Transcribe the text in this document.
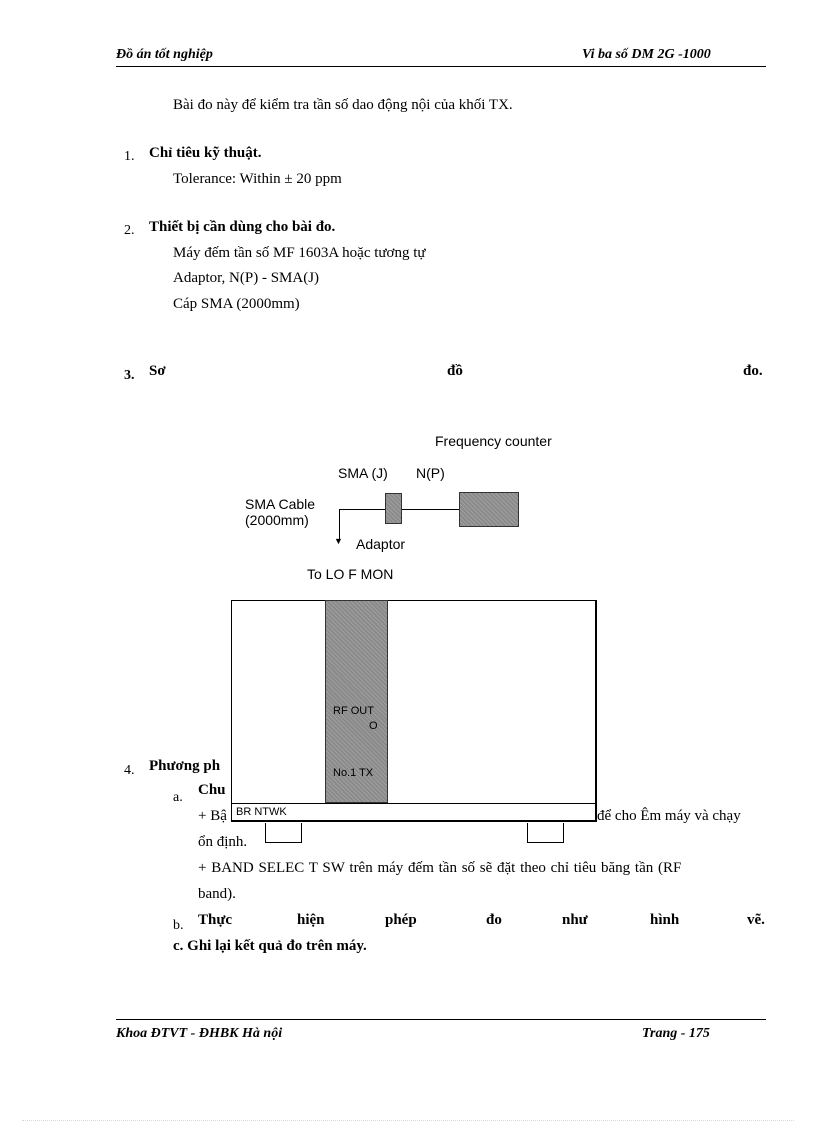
Đồ án tốt nghiệp	Vi ba số DM 2G -1000
Bài đo này để kiểm tra tần số dao động nội của khối TX.
1. Chỉ tiêu kỹ thuật.
Tolerance: Within ± 20 ppm
2. Thiết bị cần dùng cho bài đo.
Máy đếm tần số MF 1603A hoặc tương tự
Adaptor, N(P) - SMA(J)
Cáp SMA (2000mm)
3. Sơ	đồ	đo.
Frequency counter
SMA (J) N(P)
SMA Cable
(2000mm)
Adaptor
To LO F MON
▼
RF OUT
O
No.1 TX
BR NTWK
4. Phương ph
a. Chu
+ Bậ	để cho Êm máy và chạy
ổn định.
+ BAND SELEC T SW trên máy đếm tần số sẽ đặt theo chỉ tiêu băng tần (RF
band).
b. Thực	hiện	phép	đo	như	hình	vẽ.
c. Ghi lại kết quả đo trên máy.
Khoa ĐTVT - ĐHBK Hà nội	Trang - 175
